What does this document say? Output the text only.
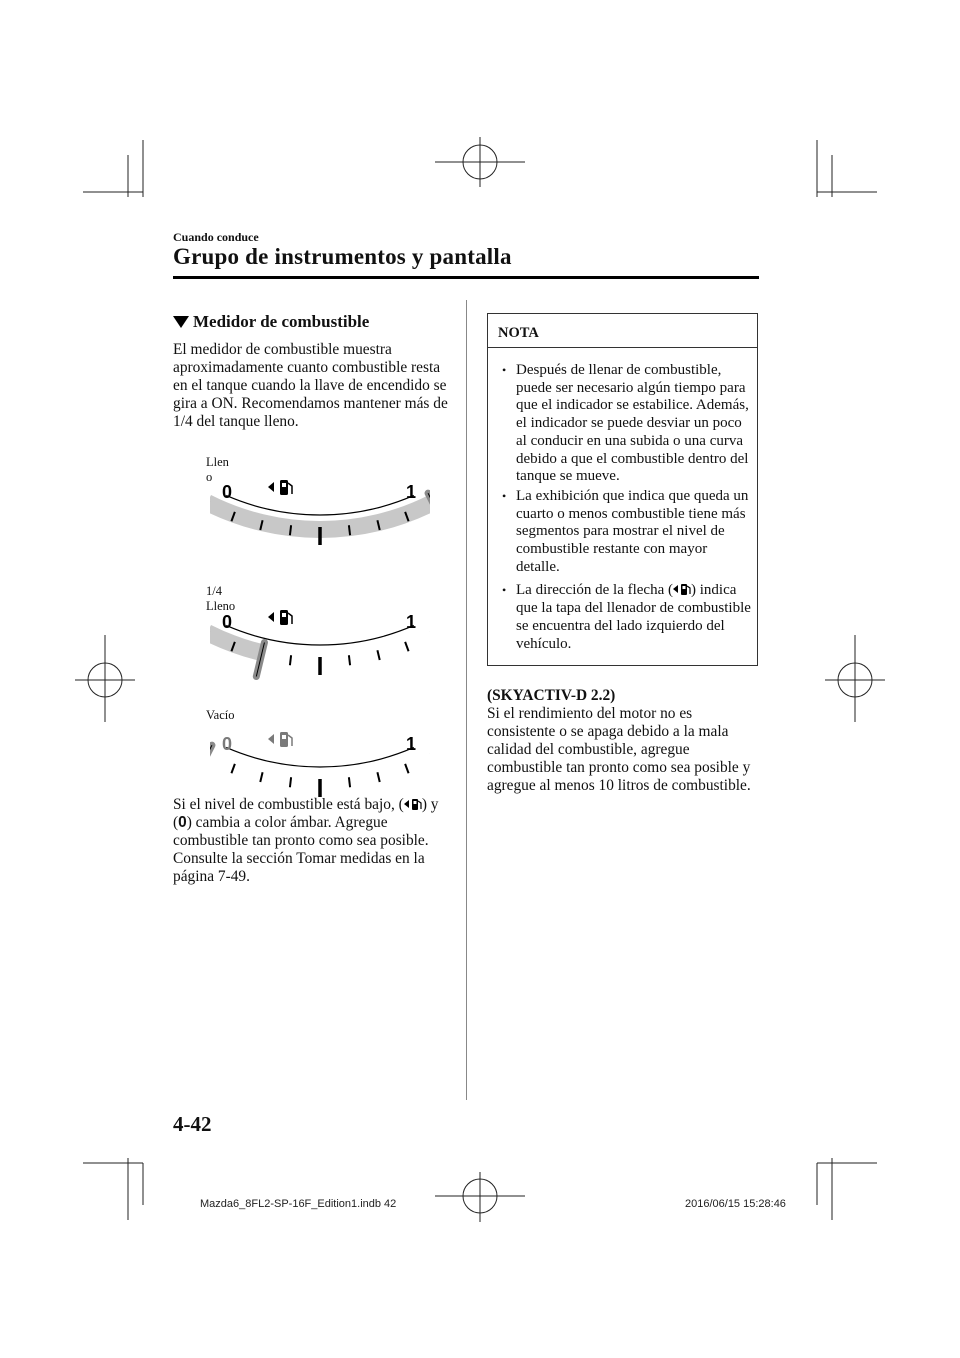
Cuando conduce
Grupo de instrumentos y pantalla
Medidor de combustible
El medidor de combustible muestra aproximadamente cuanto combustible resta en el tanque cuando la llave de encendido se gira a ON. Recomendamos mantener más de 1/4 del tanque lleno.
Llen
o
0	1
1/4
Lleno
0	1
Vacío
0	1
Si el nivel de combustible está bajo, ( ) y
(0) cambia a color ámbar. Agregue combustible tan pronto como sea posible. Consulte la sección Tomar medidas en la página 7-49.
NOTA
• Después de llenar de combustible, puede ser necesario algún tiempo para que el indicador se estabilice. Además, el indicador se puede desviar un poco al conducir en una subida o una curva debido a que el combustible dentro del tanque se mueve.
• La exhibición que indica que queda un cuarto o menos combustible tiene más segmentos para mostrar el nivel de combustible restante con mayor detalle.
• La dirección de la flecha ( ) indica que la tapa del llenador de combustible se encuentra del lado izquierdo del vehículo.
(SKYACTIV-D 2.2)
Si el rendimiento del motor no es consistente o se apaga debido a la mala calidad del combustible, agregue combustible tan pronto como sea posible y agregue al menos 10 litros de combustible.
4-42
Mazda6_8FL2-SP-16F_Edition1.indb 42	2016/06/15 15:28:46
